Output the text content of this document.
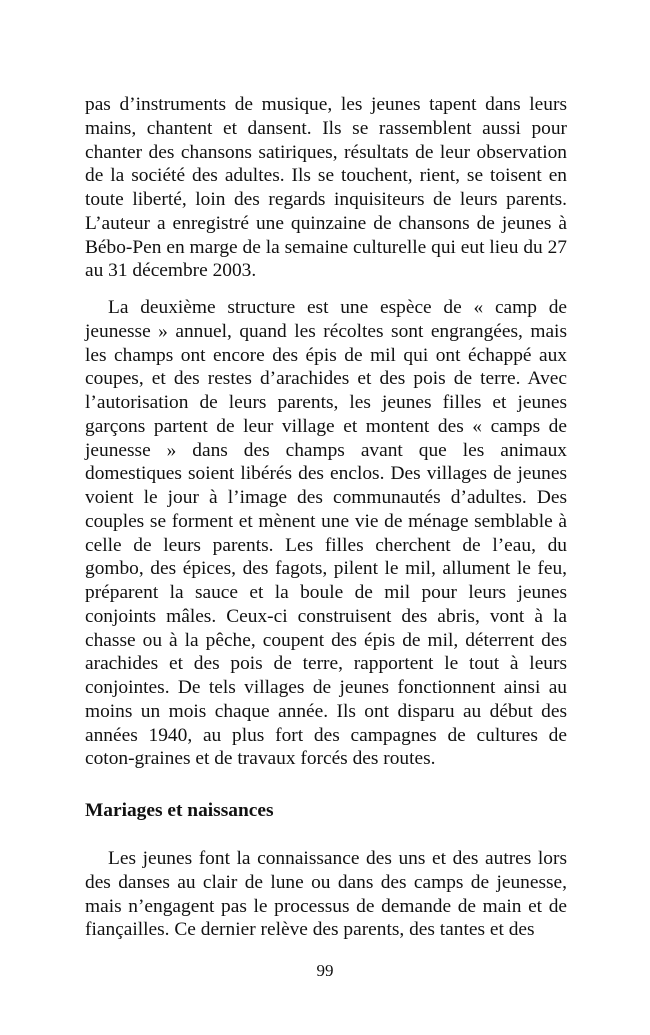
pas d’instruments de musique, les jeunes tapent dans leurs mains, chantent et dansent. Ils se rassemblent aussi pour chanter des chansons satiriques, résultats de leur observation de la société des adultes. Ils se touchent, rient, se toisent en toute liberté, loin des regards inquisiteurs de leurs parents. L’auteur a enregistré une quinzaine de chansons de jeunes à Bébo-Pen en marge de la semaine culturelle qui eut lieu du 27 au 31 décembre 2003.

La deuxième structure est une espèce de « camp de jeunesse » annuel, quand les récoltes sont engrangées, mais les champs ont encore des épis de mil qui ont échappé aux coupes, et des restes d’arachides et des pois de terre. Avec l’autorisation de leurs parents, les jeunes filles et jeunes garçons partent de leur village et montent des « camps de jeunesse » dans des champs avant que les animaux domestiques soient libérés des enclos. Des villages de jeunes voient le jour à l’image des communautés d’adultes. Des couples se forment et mènent une vie de ménage semblable à celle de leurs parents. Les filles cherchent de l’eau, du gombo, des épices, des fagots, pilent le mil, allument le feu, préparent la sauce et la boule de mil pour leurs jeunes conjoints mâles. Ceux-ci construisent des abris, vont à la chasse ou à la pêche, coupent des épis de mil, déterrent des arachides et des pois de terre, rapportent le tout à leurs conjointes. De tels villages de jeunes fonctionnent ainsi au moins un mois chaque année. Ils ont disparu au début des années 1940, au plus fort des campagnes de cultures de coton-graines et de travaux forcés des routes.

Mariages et naissances

Les jeunes font la connaissance des uns et des autres lors des danses au clair de lune ou dans des camps de jeunesse, mais n’engagent pas le processus de demande de main et de fiançailles. Ce dernier relève des parents, des tantes et des

99
